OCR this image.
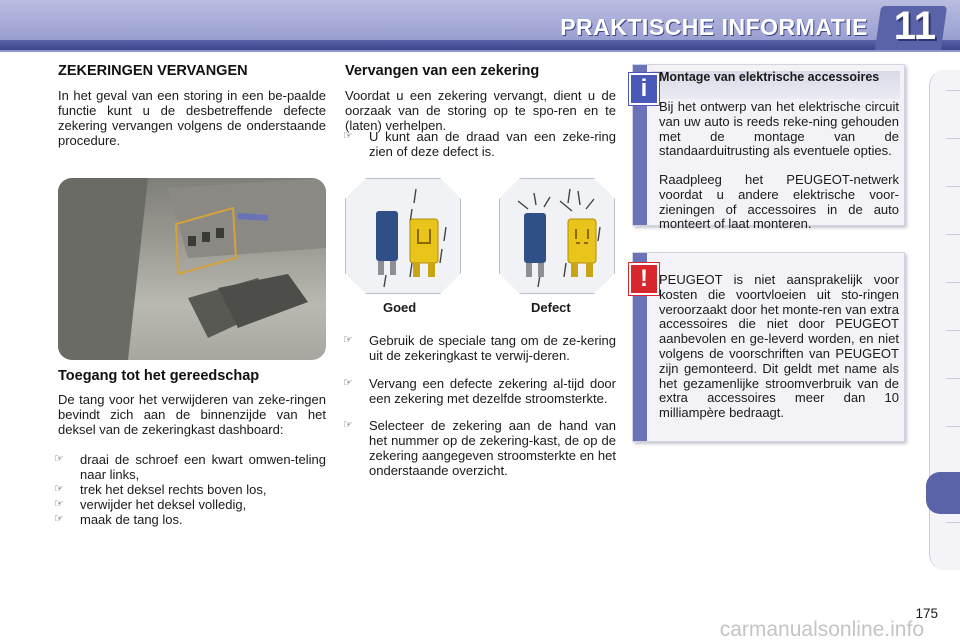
PRAKTISCHE INFORMATIE 11
ZEKERINGEN VERVANGEN
In het geval van een storing in een be-paalde functie kunt u de desbetreffende defecte zekering vervangen volgens de onderstaande procedure.
Toegang tot het gereedschap
De tang voor het verwijderen van zeke-ringen bevindt zich aan de binnenzijde van het deksel van de zekeringkast dashboard:
☞ draai de schroef een kwart omwen-teling naar links,
☞ trek het deksel rechts boven los,
☞ verwijder het deksel volledig,
☞ maak de tang los.
Vervangen van een zekering
Voordat u een zekering vervangt, dient u de oorzaak van de storing op te spo-ren en te (laten) verhelpen.
☞ U kunt aan de draad van een zeke-ring zien of deze defect is.
Goed	Defect
☞ Gebruik de speciale tang om de ze-kering uit de zekeringkast te verwij-deren.
☞ Vervang een defecte zekering al-tijd door een zekering met dezelfde stroomsterkte.
☞ Selecteer de zekering aan de hand van het nummer op de zekering-kast, de op de zekering aangegeven stroomsterkte en het onderstaande overzicht.
i Montage van elektrische accessoires
Bij het ontwerp van het elektrische circuit van uw auto is reeds reke-ning gehouden met de montage van de standaarduitrusting als eventuele opties.
Raadpleeg het PEUGEOT-netwerk voordat u andere elektrische voor-zieningen of accessoires in de auto monteert of laat monteren.
! PEUGEOT is niet aansprakelijk voor kosten die voortvloeien uit sto-ringen veroorzaakt door het monte-ren van extra accessoires die niet door PEUGEOT aanbevolen en ge-leverd worden, en niet volgens de voorschriften van PEUGEOT zijn gemonteerd. Dit geldt met name als het gezamenlijke stroomverbruik van de extra accessoires meer dan 10 milliampère bedraagt.
175
carmanualsonline.info
